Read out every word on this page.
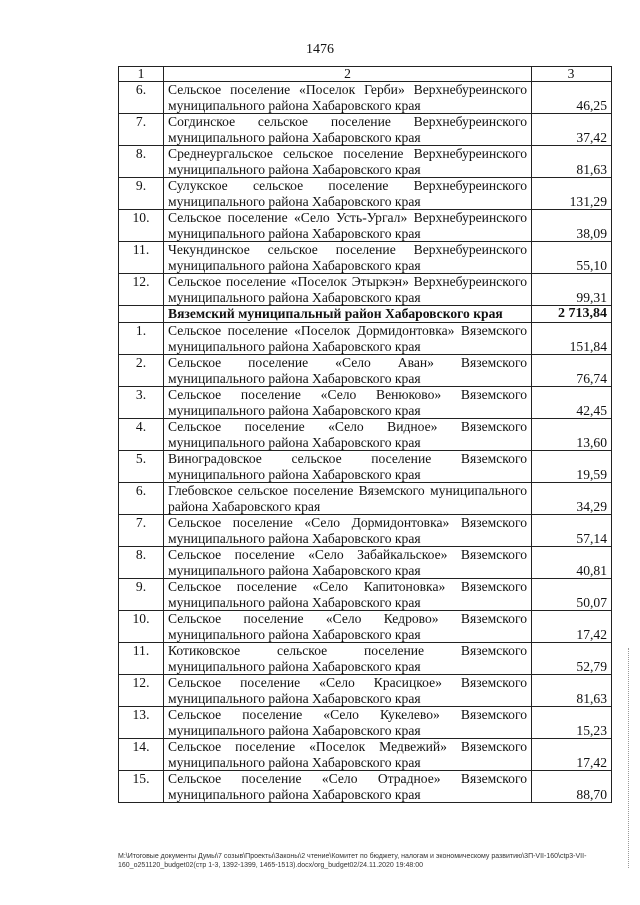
1476
1	2	3
6.	Сельское поселение «Поселок Герби» Верхнебуреинского муниципального района Хабаровского края	46,25
7.	Согдинское сельское поселение Верхнебуреинского муниципального района Хабаровского края	37,42
8.	Среднеургальское сельское поселение Верхнебуреинского муниципального района Хабаровского края	81,63
9.	Сулукское сельское поселение Верхнебуреинского муниципального района Хабаровского края	131,29
10.	Сельское поселение «Село Усть-Ургал» Верхнебуреинского муниципального района Хабаровского края	38,09
11.	Чекундинское сельское поселение Верхнебуреинского муниципального района Хабаровского края	55,10
12.	Сельское поселение «Поселок Этыркэн» Верхнебуреинского муниципального района Хабаровского края	99,31
	Вяземский муниципальный район Хабаровского края	2 713,84
1.	Сельское поселение «Поселок Дормидонтовка» Вяземского муниципального района Хабаровского края	151,84
2.	Сельское поселение «Село Аван» Вяземского муниципального района Хабаровского края	76,74
3.	Сельское поселение «Село Венюково» Вяземского муниципального района Хабаровского края	42,45
4.	Сельское поселение «Село Видное» Вяземского муниципального района Хабаровского края	13,60
5.	Виноградовское сельское поселение Вяземского муниципального района Хабаровского края	19,59
6.	Глебовское сельское поселение Вяземского муниципального района Хабаровского края	34,29
7.	Сельское поселение «Село Дормидонтовка» Вяземского муниципального района Хабаровского края	57,14
8.	Сельское поселение «Село Забайкальское» Вяземского муниципального района Хабаровского края	40,81
9.	Сельское поселение «Село Капитоновка» Вяземского муниципального района Хабаровского края	50,07
10.	Сельское поселение «Село Кедрово» Вяземского муниципального района Хабаровского края	17,42
11.	Котиковское сельское поселение Вяземского муниципального района Хабаровского края	52,79
12.	Сельское поселение «Село Красицкое» Вяземского муниципального района Хабаровского края	81,63
13.	Сельское поселение «Село Кукелево» Вяземского муниципального района Хабаровского края	15,23
14.	Сельское поселение «Поселок Медвежий» Вяземского муниципального района Хабаровского края	17,42
15.	Сельское поселение «Село Отрадное» Вяземского муниципального района Хабаровского края	88,70
M:\Итоговые документы Думы\7 созыв\Проекты\Законы\2 чтение\Комитет по бюджету, налогам и экономическому развитию\3П-VII-160\ctp3-VII-160_o251120_budget02(стр 1-3, 1392-1399, 1465-1513).docx/org_budget02/24.11.2020 19:48:00
